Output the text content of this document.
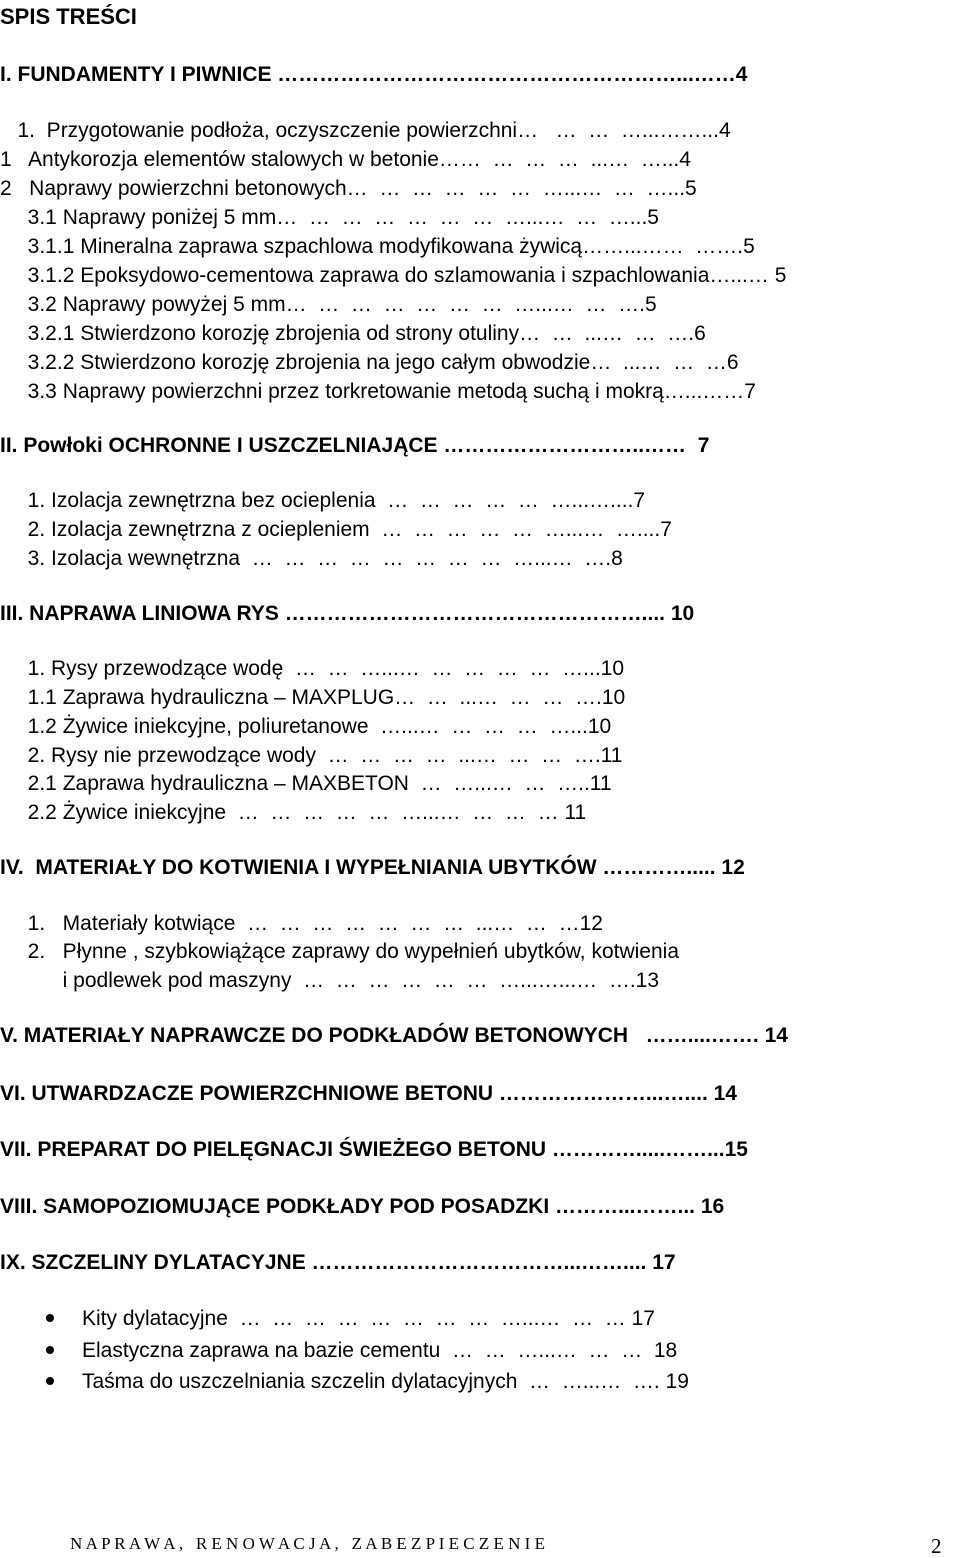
SPIS TREŚCI
I. FUNDAMENTY I PIWNICE …………………………………………………...……4
1.  Przygotowanie podłoża, oczyszczenie powierzchni…   …  …  …...……...4
1   Antykorozja elementów stalowych w betonie……  …  …  …  ...…  …...4
2   Naprawy powierzchni betonowych…  …  …  …  …  …  …...…  …  …...5
3.1 Naprawy poniżej 5 mm…  …  …  …  …  …  …  …...…  …  …...5
3.1.1 Mineralna zaprawa szpachlowa modyfikowana żywicą……...……  …….5
3.1.2 Epoksydowo-cementowa zaprawa do szlamowania i szpachlowania…...… 5
3.2 Naprawy powyżej 5 mm…  …  …  …  …  …  …  …...…  …  ….5
3.2.1 Stwierdzono korozję zbrojenia od strony otuliny…  …  ...…  …  ….6
3.2.2 Stwierdzono korozję zbrojenia na jego całym obwodzie…  ...…  …  …6
3.3 Naprawy powierzchni przez torkretowanie metodą suchą i mokrą…...……7
II. Powłoki OCHRONNE I USZCZELNIAJĄCE ………………………..……  7
1. Izolacja zewnętrzna bez ocieplenia  …  …  …  …  …  …...…....7
2. Izolacja zewnętrzna z ociepleniem  …  …  …  …  …  …...…  …....7
3. Izolacja wewnętrzna  …  …  …  …  …  …  …  …  …...…  ….8
III. NAPRAWA LINIOWA RYS …………………………………………….... 10
1. Rysy przewodzące wodę  …  …  …...…  …  …  …  …  …...10
1.1 Zaprawa hydrauliczna – MAXPLUG…  …  ...…  …  …  ….10
1.2 Żywice iniekcyjne, poliuretanowe  …...…  …  …  …  …...10
2. Rysy nie przewodzące wody  …  …  …  …  ...…  …  …  ….11
2.1 Zaprawa hydrauliczna – MAXBETON  …  …...…  …  …..11
2.2 Żywice iniekcyjne  …  …  …  …  …  …...…  …  …  … 11
IV.  MATERIAŁY DO KOTWIENIA I WYPEŁNIANIA UBYTKÓW …………..... 12
1.   Materiały kotwiące  …  …  …  …  …  …  …  ...…  …  …12
2.   Płynne , szybkowiążące zaprawy do wypełnień ubytków, kotwienia
i podlewek pod maszyny  …  …  …  …  …  …  …...…...…  ….13
V. MATERIAŁY NAPRAWCZE DO PODKŁADÓW BETONOWYCH   ……....……. 14
VI. UTWARDZACZE POWIERZCHNIOWE BETONU …………………...….... 14
VII. PREPARAT DO PIELĘGNACJI ŚWIEŻEGO BETONU ………….....……...15
VIII. SAMOPOZIOMUJĄCE PODKŁADY POD POSADZKI ………...……... 16
IX. SZCZELINY DYLATACYJNE ………………………………...…….... 17
Kity dylatacyjne  …  …  …  …  …  …  …  …  …...…  …  … 17
Elastyczna zaprawa na bazie cementu  …  …  …...…  …  …  18
Taśma do uszczelniania szczelin dylatacyjnych  …  …...…  …. 19
N A P R A W A ,   R E N O W A C J A ,   Z A B E Z P I E C Z E N I E	2
